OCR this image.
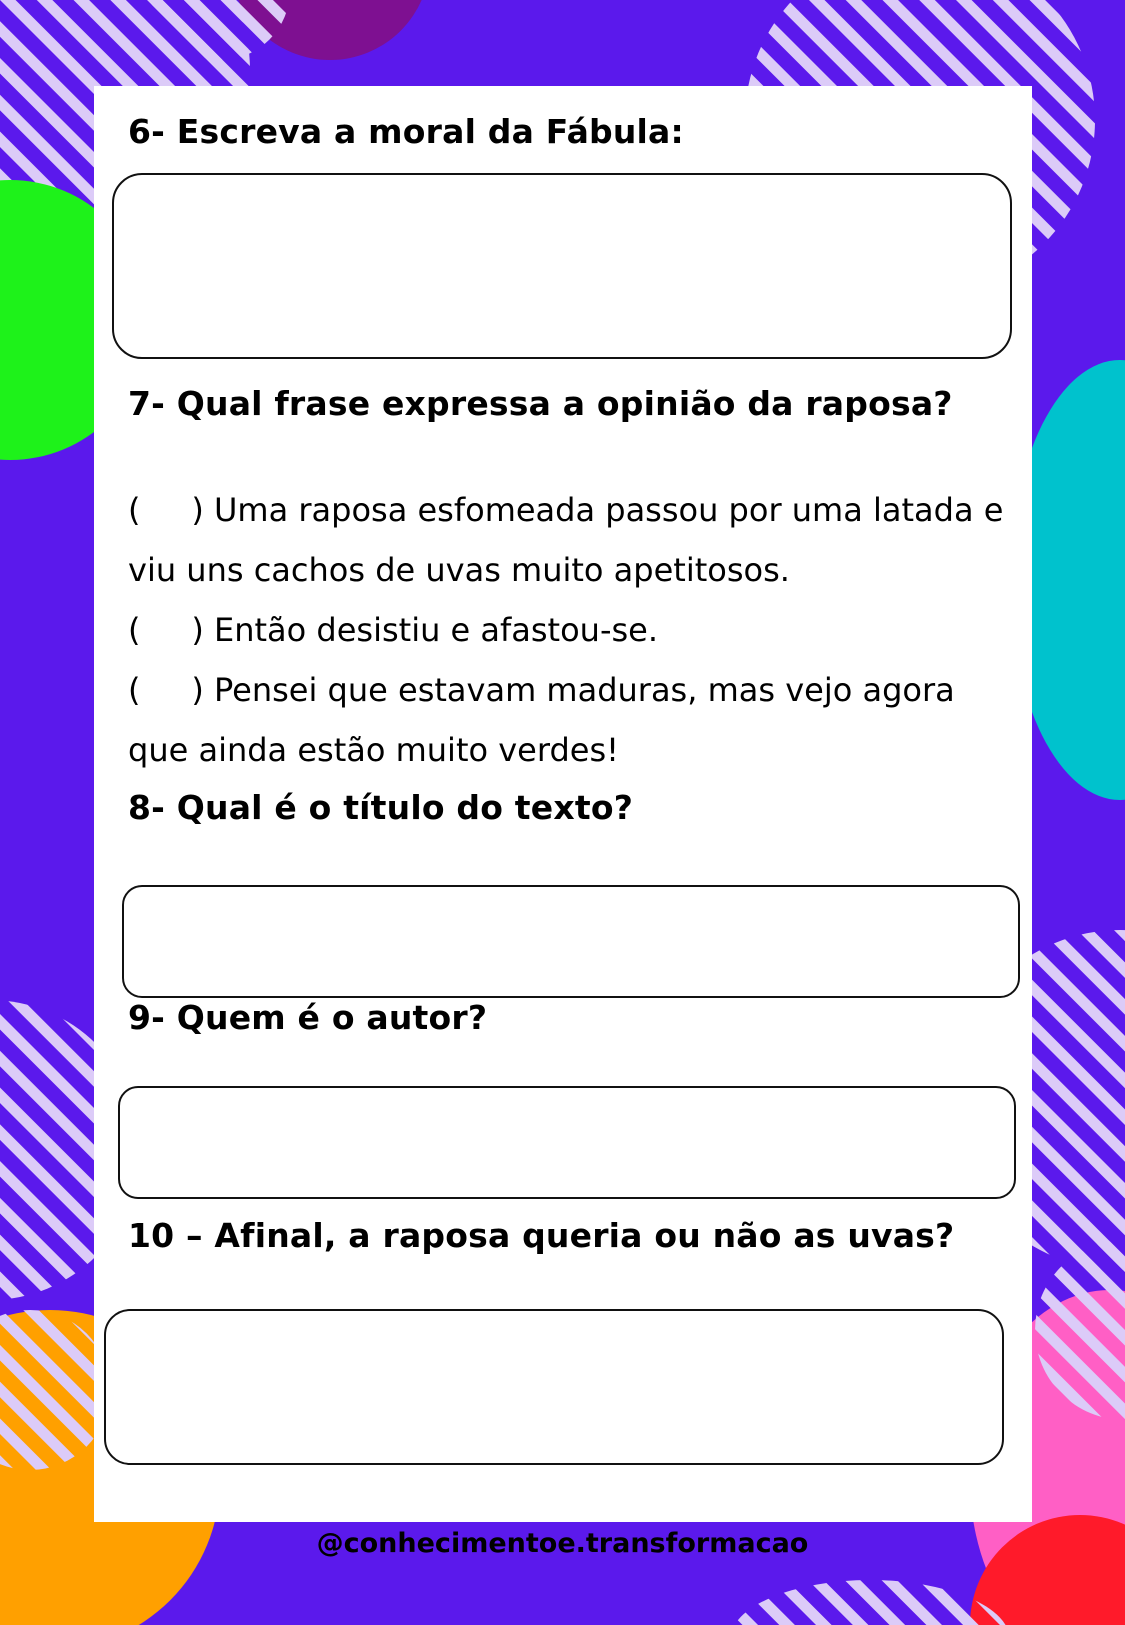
6- Escreva a moral da Fábula:

7- Qual frase expressa a opinião da raposa?

(     ) Uma raposa esfomeada passou por uma latada e viu uns cachos de uvas muito apetitosos.

(     ) Então desistiu e afastou-se.

(     ) Pensei que estavam maduras, mas vejo agora que ainda estão muito verdes!

8- Qual é o título do texto?

9- Quem é o autor?

10 – Afinal, a raposa queria ou não as uvas?

@conhecimentoe.transformacao
